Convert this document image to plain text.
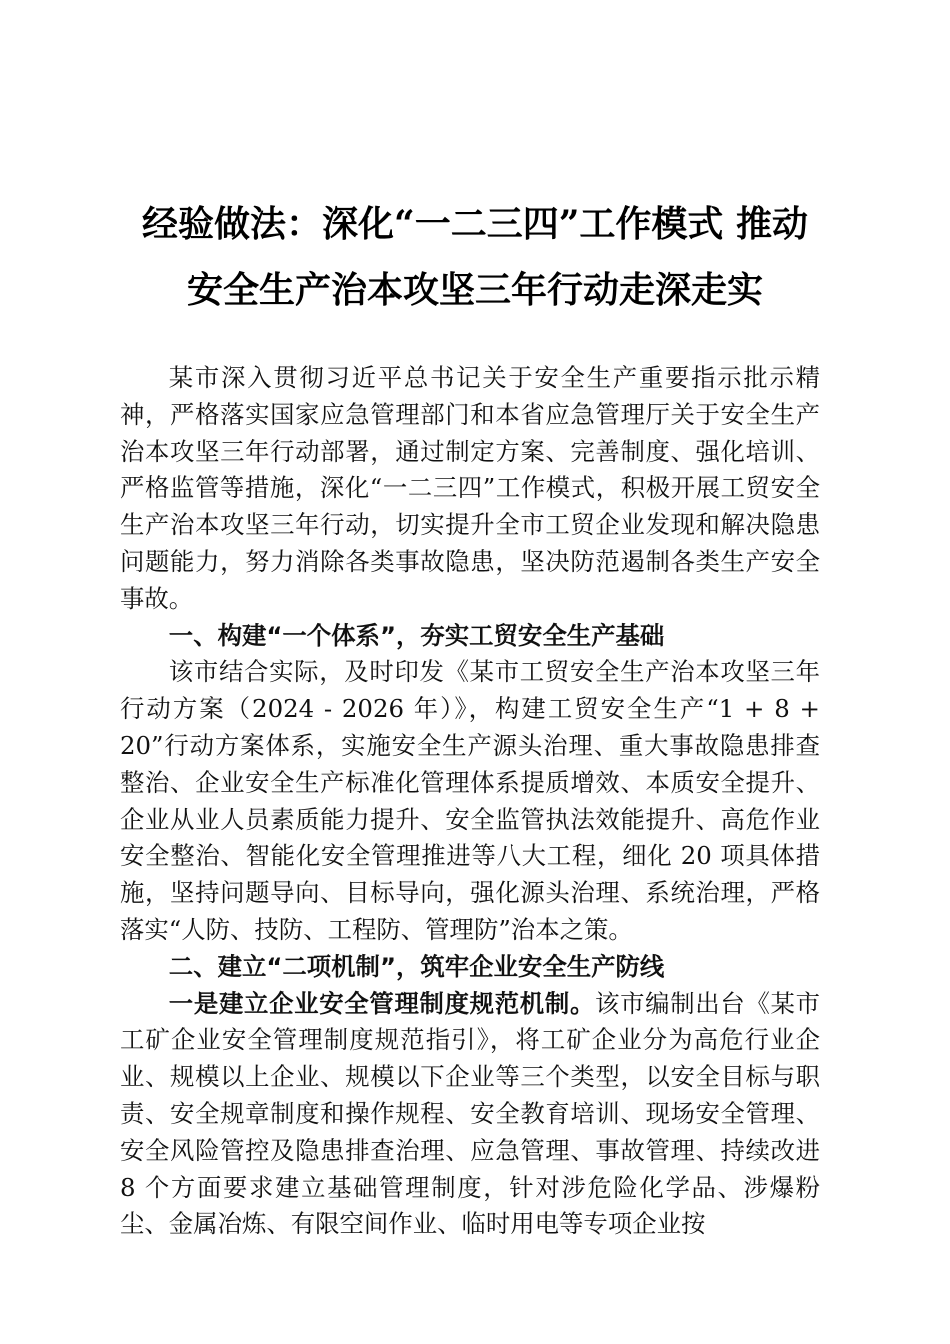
经验做法：深化“一二三四”工作模式 推动
安全生产治本攻坚三年行动走深走实

某市深入贯彻习近平总书记关于安全生产重要指示批示精神，严格落实国家应急管理部门和本省应急管理厅关于安全生产治本攻坚三年行动部署，通过制定方案、完善制度、强化培训、严格监管等措施，深化“一二三四”工作模式，积极开展工贸安全生产治本攻坚三年行动，切实提升全市工贸企业发现和解决隐患问题能力，努力消除各类事故隐患，坚决防范遏制各类生产安全事故。

一、构建“一个体系”，夯实工贸安全生产基础

该市结合实际，及时印发《某市工贸安全生产治本攻坚三年行动方案（2024 - 2026 年）》，构建工贸安全生产“1 + 8 + 20”行动方案体系，实施安全生产源头治理、重大事故隐患排查整治、企业安全生产标准化管理体系提质增效、本质安全提升、企业从业人员素质能力提升、安全监管执法效能提升、高危作业安全整治、智能化安全管理推进等八大工程，细化 20 项具体措施，坚持问题导向、目标导向，强化源头治理、系统治理，严格落实“人防、技防、工程防、管理防”治本之策。

二、建立“二项机制”，筑牢企业安全生产防线

一是建立企业安全管理制度规范机制。该市编制出台《某市工矿企业安全管理制度规范指引》，将工矿企业分为高危行业企业、规模以上企业、规模以下企业等三个类型，以安全目标与职责、安全规章制度和操作规程、安全教育培训、现场安全管理、安全风险管控及隐患排查治理、应急管理、事故管理、持续改进 8 个方面要求建立基础管理制度，针对涉危险化学品、涉爆粉尘、金属冶炼、有限空间作业、临时用电等专项企业按
